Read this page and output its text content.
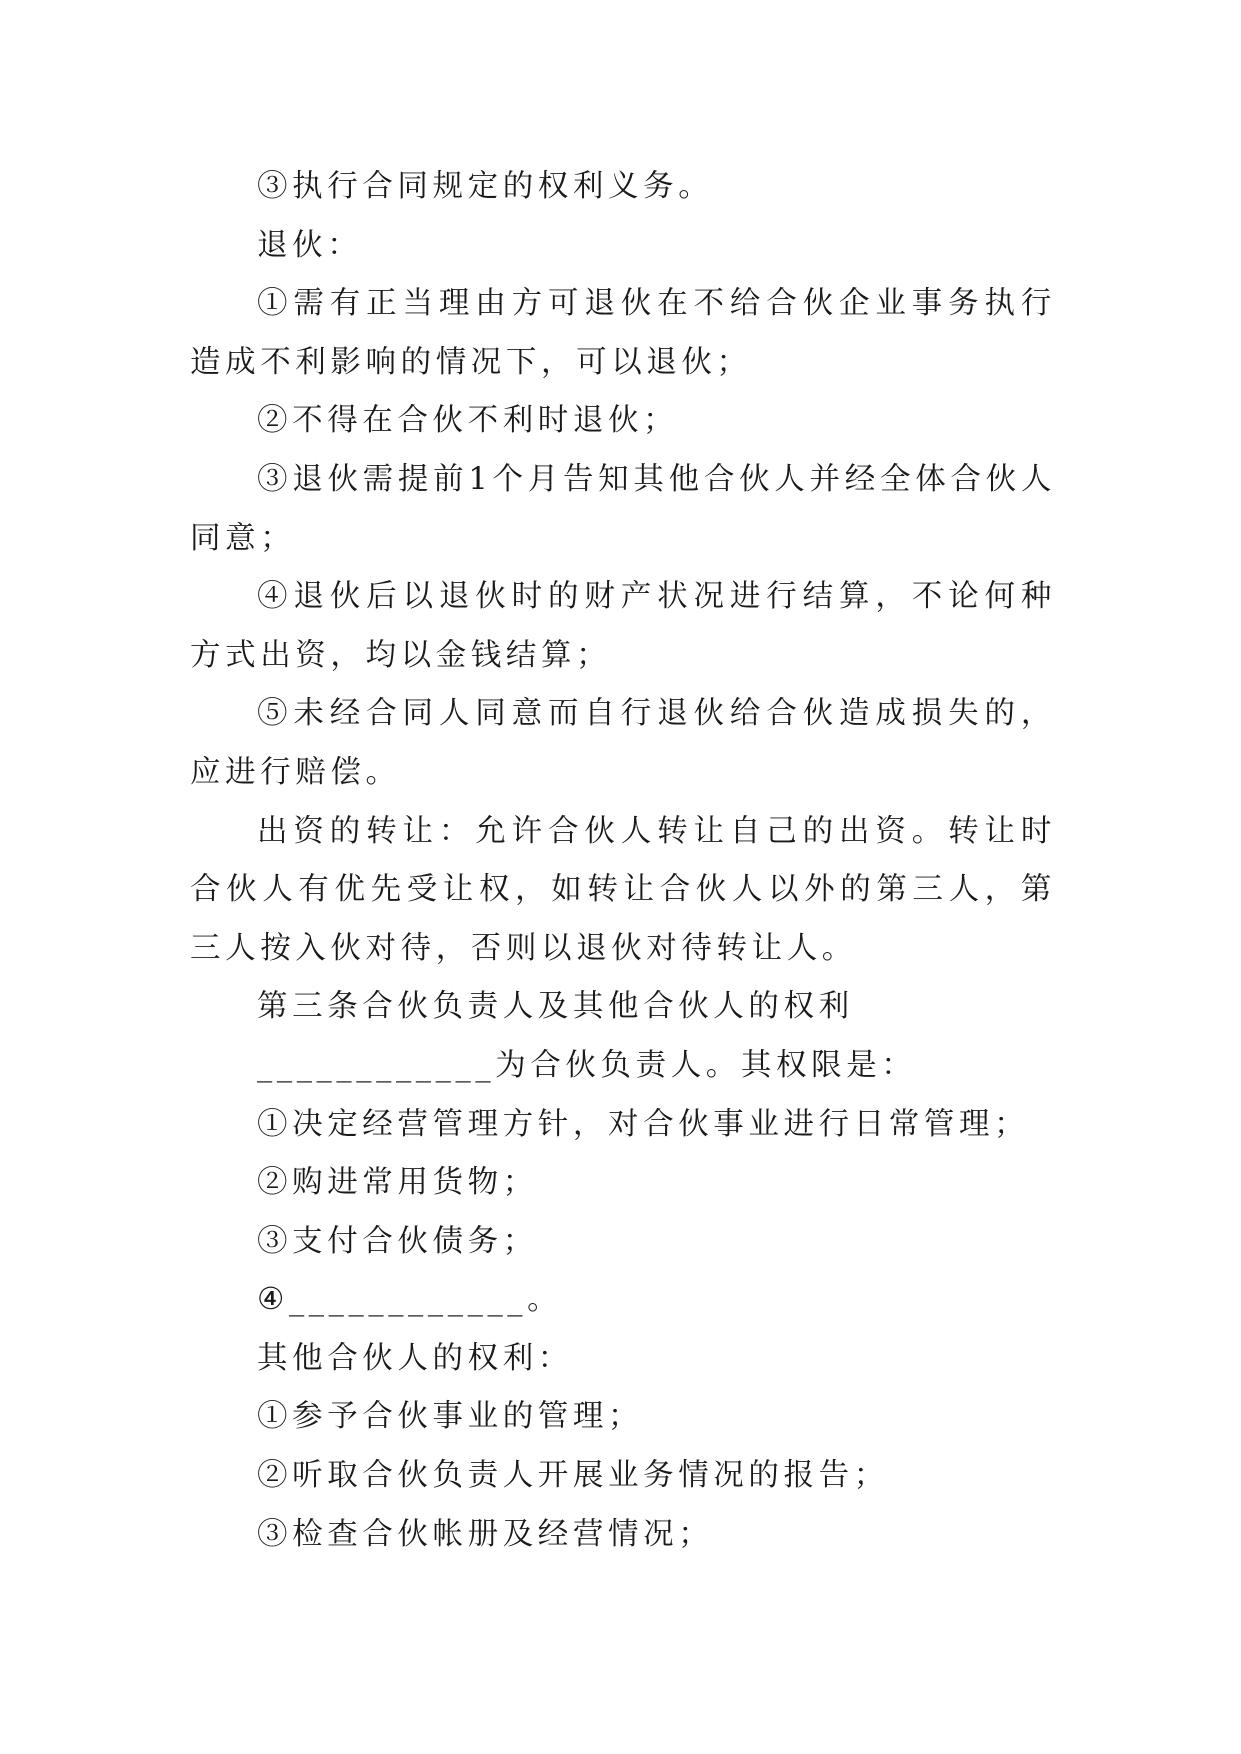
③执行合同规定的权利义务。

退伙：

①需有正当理由方可退伙在不给合伙企业事务执行造成不利影响的情况下，可以退伙；

②不得在合伙不利时退伙；

③退伙需提前1个月告知其他合伙人并经全体合伙人同意；

④退伙后以退伙时的财产状况进行结算，不论何种方式出资，均以金钱结算；

⑤未经合同人同意而自行退伙给合伙造成损失的，应进行赔偿。

出资的转让：允许合伙人转让自己的出资。转让时合伙人有优先受让权，如转让合伙人以外的第三人，第三人按入伙对待，否则以退伙对待转让人。

第三条合伙负责人及其他合伙人的权利

____________为合伙负责人。其权限是：

①决定经营管理方针，对合伙事业进行日常管理；

②购进常用货物；

③支付合伙债务；

④____________。

其他合伙人的权利：

①参予合伙事业的管理；

②听取合伙负责人开展业务情况的报告；

③检查合伙帐册及经营情况；
